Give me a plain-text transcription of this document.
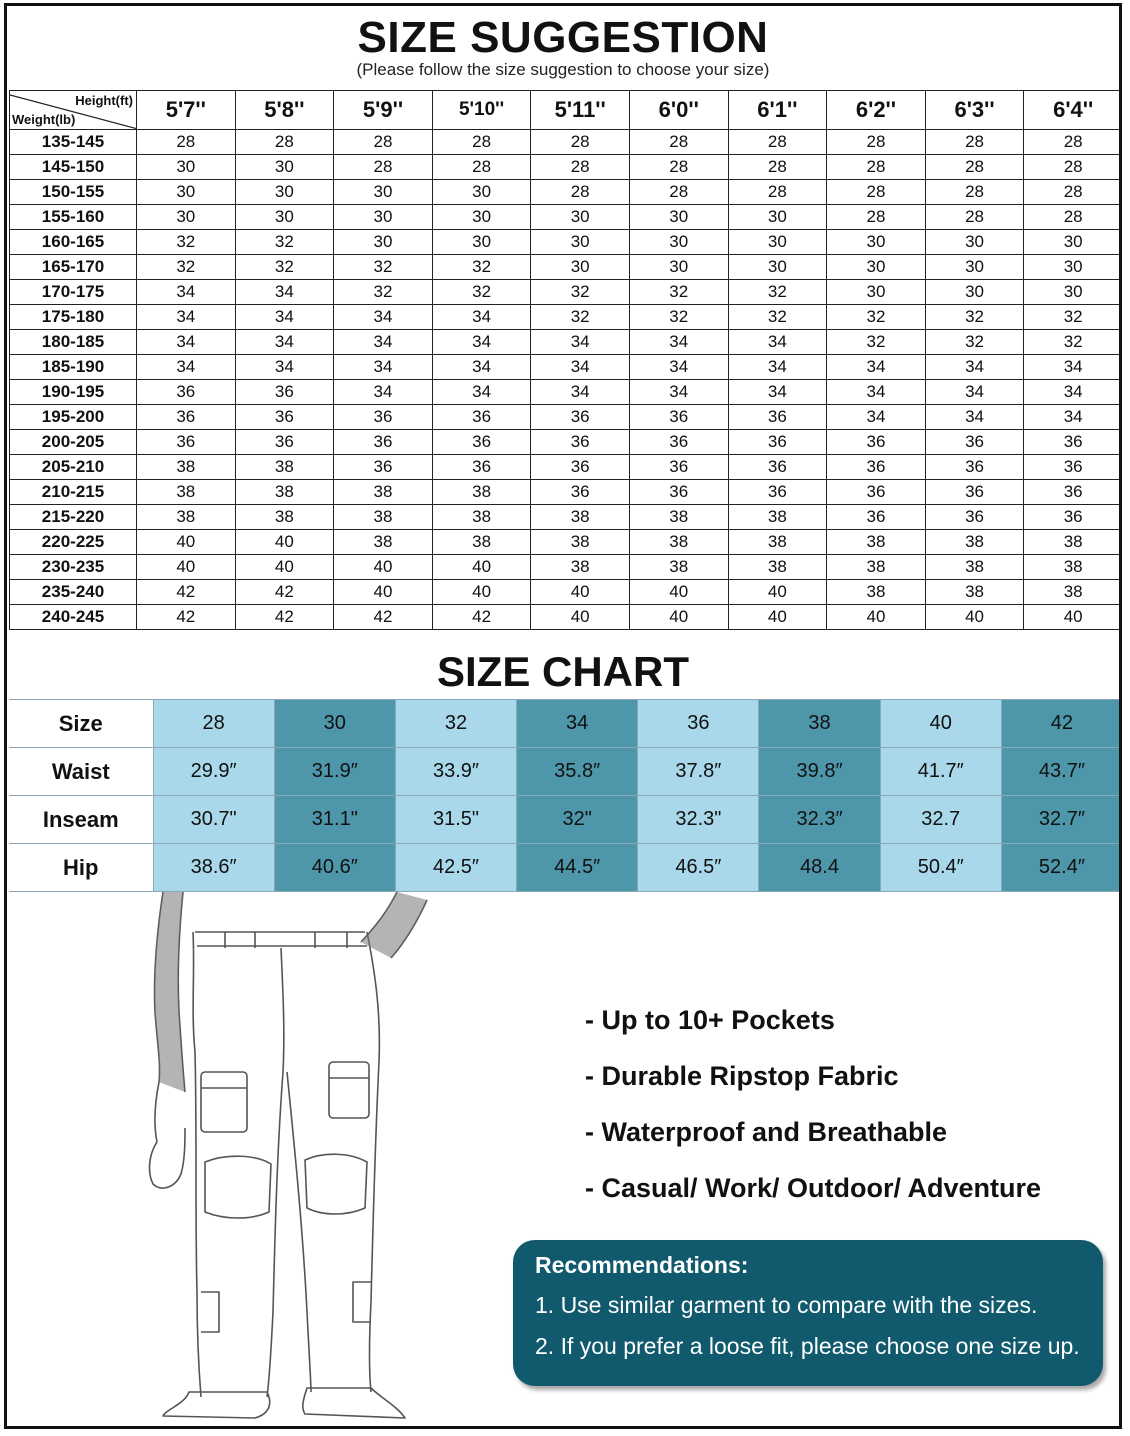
SIZE SUGGESTION
(Please follow the size suggestion to choose your size)
Height(ft)
Weight(lb)	5'7''	5'8''	5'9''	5'10''	5'11''	6'0''	6'1''	6'2''	6'3''	6'4''
135-145	28	28	28	28	28	28	28	28	28	28
145-150	30	30	28	28	28	28	28	28	28	28
150-155	30	30	30	30	28	28	28	28	28	28
155-160	30	30	30	30	30	30	30	28	28	28
160-165	32	32	30	30	30	30	30	30	30	30
165-170	32	32	32	32	30	30	30	30	30	30
170-175	34	34	32	32	32	32	32	30	30	30
175-180	34	34	34	34	32	32	32	32	32	32
180-185	34	34	34	34	34	34	34	32	32	32
185-190	34	34	34	34	34	34	34	34	34	34
190-195	36	36	34	34	34	34	34	34	34	34
195-200	36	36	36	36	36	36	36	34	34	34
200-205	36	36	36	36	36	36	36	36	36	36
205-210	38	38	36	36	36	36	36	36	36	36
210-215	38	38	38	38	36	36	36	36	36	36
215-220	38	38	38	38	38	38	38	36	36	36
220-225	40	40	38	38	38	38	38	38	38	38
230-235	40	40	40	40	38	38	38	38	38	38
235-240	42	42	40	40	40	40	40	38	38	38
240-245	42	42	42	42	40	40	40	40	40	40
SIZE CHART
Size	28	30	32	34	36	38	40	42
Waist	29.9″	31.9″	33.9″	35.8″	37.8″	39.8″	41.7″	43.7″
Inseam	30.7"	31.1"	31.5"	32"	32.3"	32.3″	32.7	32.7″
Hip	38.6″	40.6″	42.5″	44.5″	46.5″	48.4	50.4″	52.4″
- Up to 10+ Pockets
- Durable Ripstop Fabric
- Waterproof and Breathable
- Casual/ Work/ Outdoor/ Adventure
Recommendations:
1. Use similar garment to compare with the sizes.
2. If you prefer a loose fit, please choose one size up.
